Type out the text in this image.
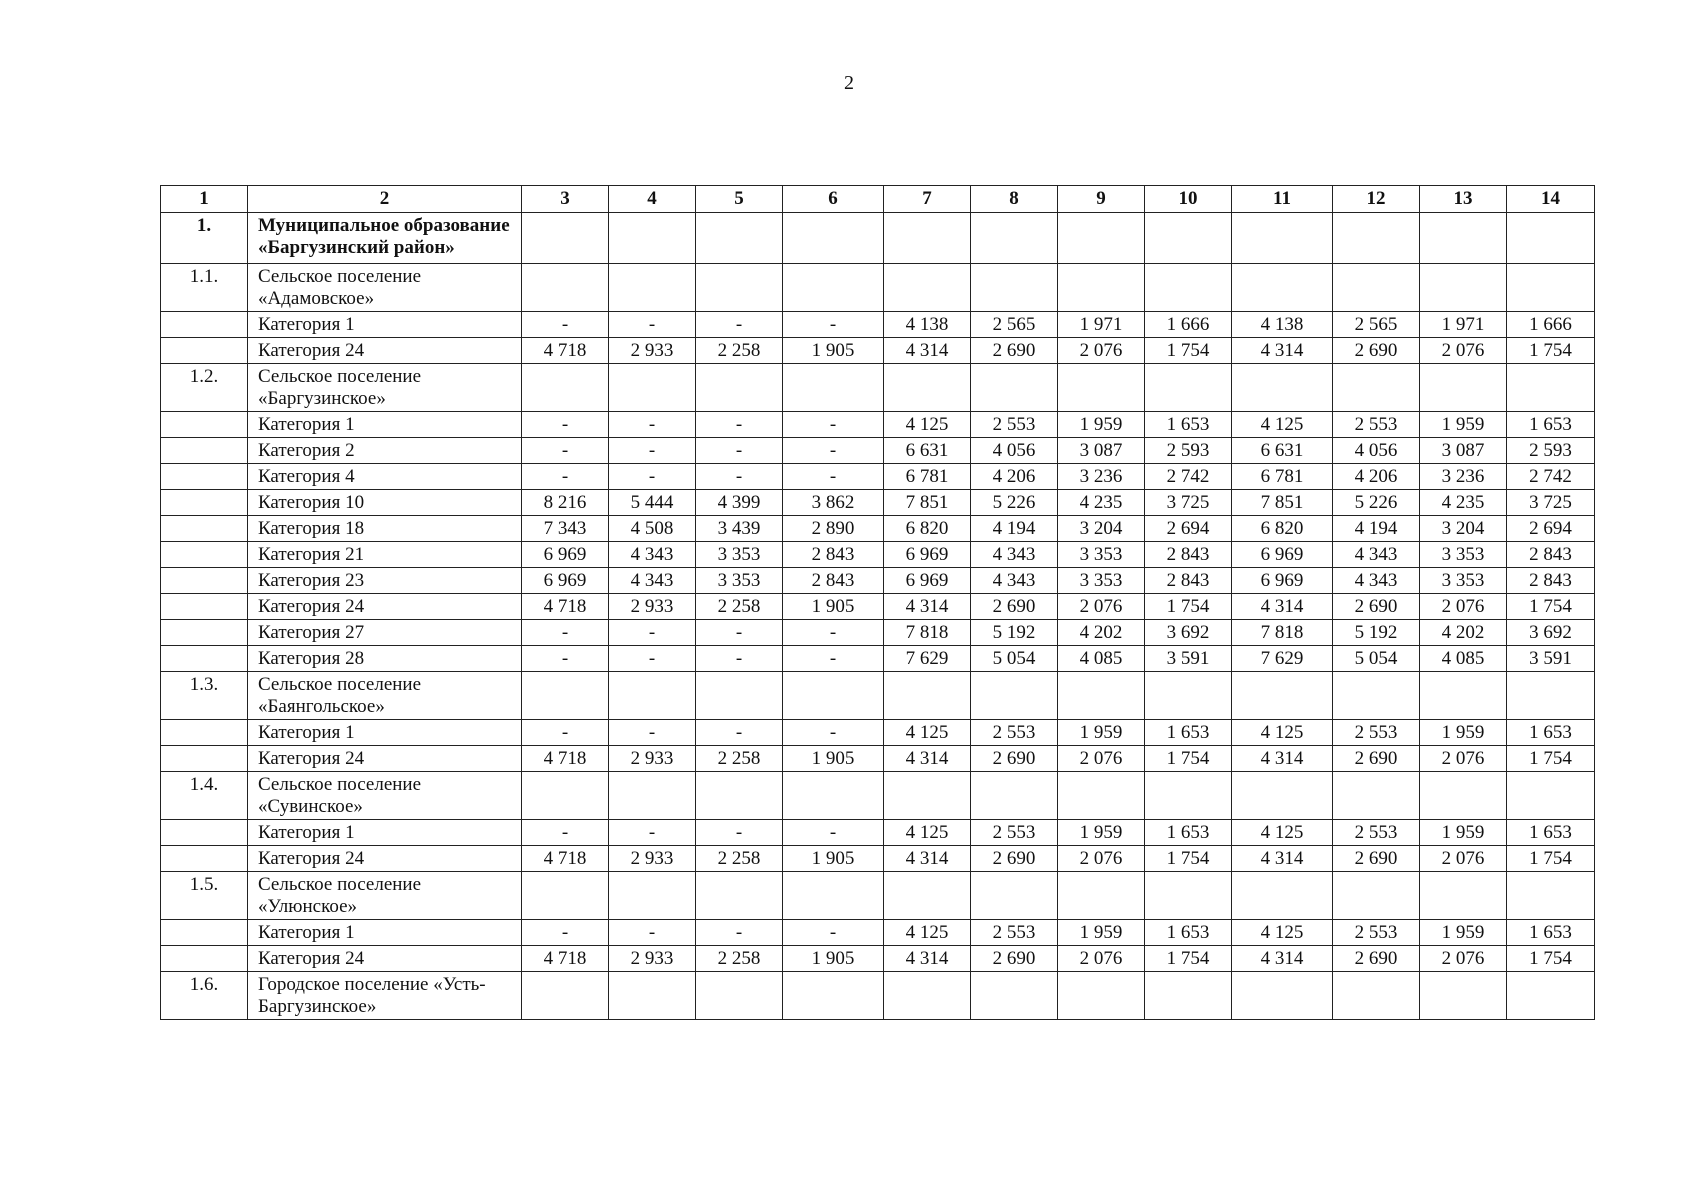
2
1	2	3	4	5	6	7	8	9	10	11	12	13	14
1.	Муниципальное образование «Баргузинский район»												
1.1.	Сельское поселение «Адамовское»												
	Категория 1	-	-	-	-	4 138	2 565	1 971	1 666	4 138	2 565	1 971	1 666
	Категория 24	4 718	2 933	2 258	1 905	4 314	2 690	2 076	1 754	4 314	2 690	2 076	1 754
1.2.	Сельское поселение «Баргузинское»												
	Категория 1	-	-	-	-	4 125	2 553	1 959	1 653	4 125	2 553	1 959	1 653
	Категория 2	-	-	-	-	6 631	4 056	3 087	2 593	6 631	4 056	3 087	2 593
	Категория 4	-	-	-	-	6 781	4 206	3 236	2 742	6 781	4 206	3 236	2 742
	Категория 10	8 216	5 444	4 399	3 862	7 851	5 226	4 235	3 725	7 851	5 226	4 235	3 725
	Категория 18	7 343	4 508	3 439	2 890	6 820	4 194	3 204	2 694	6 820	4 194	3 204	2 694
	Категория 21	6 969	4 343	3 353	2 843	6 969	4 343	3 353	2 843	6 969	4 343	3 353	2 843
	Категория 23	6 969	4 343	3 353	2 843	6 969	4 343	3 353	2 843	6 969	4 343	3 353	2 843
	Категория 24	4 718	2 933	2 258	1 905	4 314	2 690	2 076	1 754	4 314	2 690	2 076	1 754
	Категория 27	-	-	-	-	7 818	5 192	4 202	3 692	7 818	5 192	4 202	3 692
	Категория 28	-	-	-	-	7 629	5 054	4 085	3 591	7 629	5 054	4 085	3 591
1.3.	Сельское поселение «Баянгольское»												
	Категория 1	-	-	-	-	4 125	2 553	1 959	1 653	4 125	2 553	1 959	1 653
	Категория 24	4 718	2 933	2 258	1 905	4 314	2 690	2 076	1 754	4 314	2 690	2 076	1 754
1.4.	Сельское поселение «Сувинское»												
	Категория 1	-	-	-	-	4 125	2 553	1 959	1 653	4 125	2 553	1 959	1 653
	Категория 24	4 718	2 933	2 258	1 905	4 314	2 690	2 076	1 754	4 314	2 690	2 076	1 754
1.5.	Сельское поселение «Улюнское»												
	Категория 1	-	-	-	-	4 125	2 553	1 959	1 653	4 125	2 553	1 959	1 653
	Категория 24	4 718	2 933	2 258	1 905	4 314	2 690	2 076	1 754	4 314	2 690	2 076	1 754
1.6.	Городское поселение «Усть-Баргузинское»												
